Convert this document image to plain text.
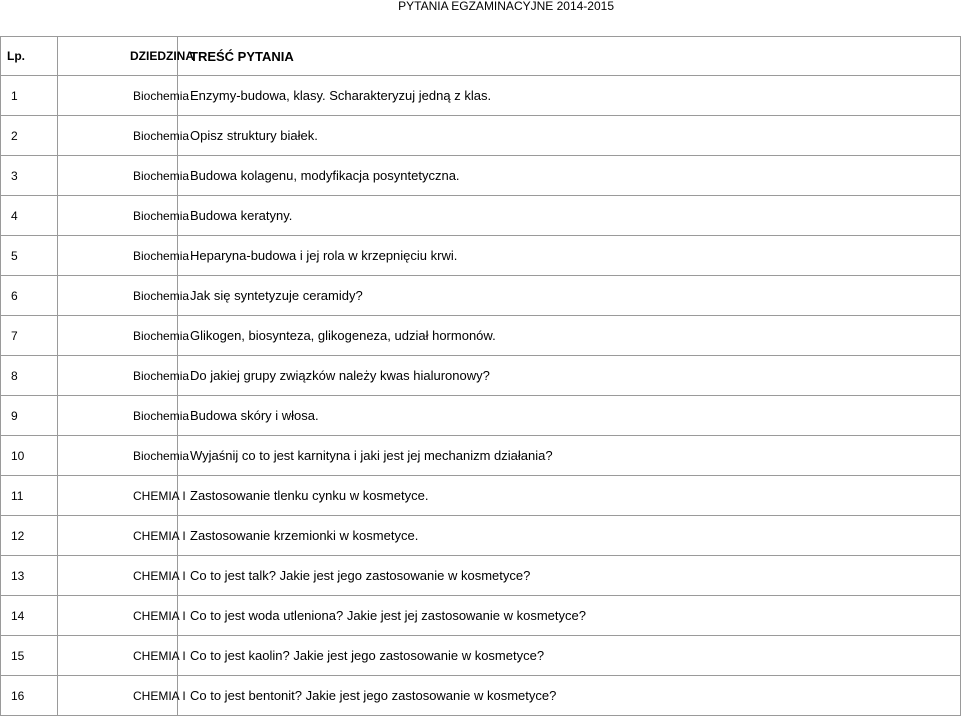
PYTANIA EGZAMINACYJNE 2014-2015
Lp.	DZIEDZINA	TREŚĆ PYTANIA
1	Biochemia	Enzymy-budowa, klasy. Scharakteryzuj jedną z klas.
2	Biochemia	Opisz struktury białek.
3	Biochemia	Budowa kolagenu, modyfikacja posyntetyczna.
4	Biochemia	Budowa keratyny.
5	Biochemia	Heparyna-budowa i jej rola w krzepnięciu krwi.
6	Biochemia	Jak się syntetyzuje ceramidy?
7	Biochemia	Glikogen, biosynteza, glikogeneza, udział hormonów.
8	Biochemia	Do jakiej grupy związków należy kwas hialuronowy?
9	Biochemia	Budowa skóry i włosa.
10	Biochemia	Wyjaśnij co to jest karnityna i jaki jest jej mechanizm działania?
11	CHEMIA I	Zastosowanie tlenku cynku w kosmetyce.
12	CHEMIA I	Zastosowanie krzemionki w kosmetyce.
13	CHEMIA I	Co to jest talk? Jakie jest jego zastosowanie w kosmetyce?
14	CHEMIA I	Co to jest woda utleniona? Jakie jest jej zastosowanie w kosmetyce?
15	CHEMIA I	Co to jest kaolin? Jakie jest jego zastosowanie w kosmetyce?
16	CHEMIA I	Co to jest bentonit? Jakie jest jego zastosowanie w kosmetyce?
